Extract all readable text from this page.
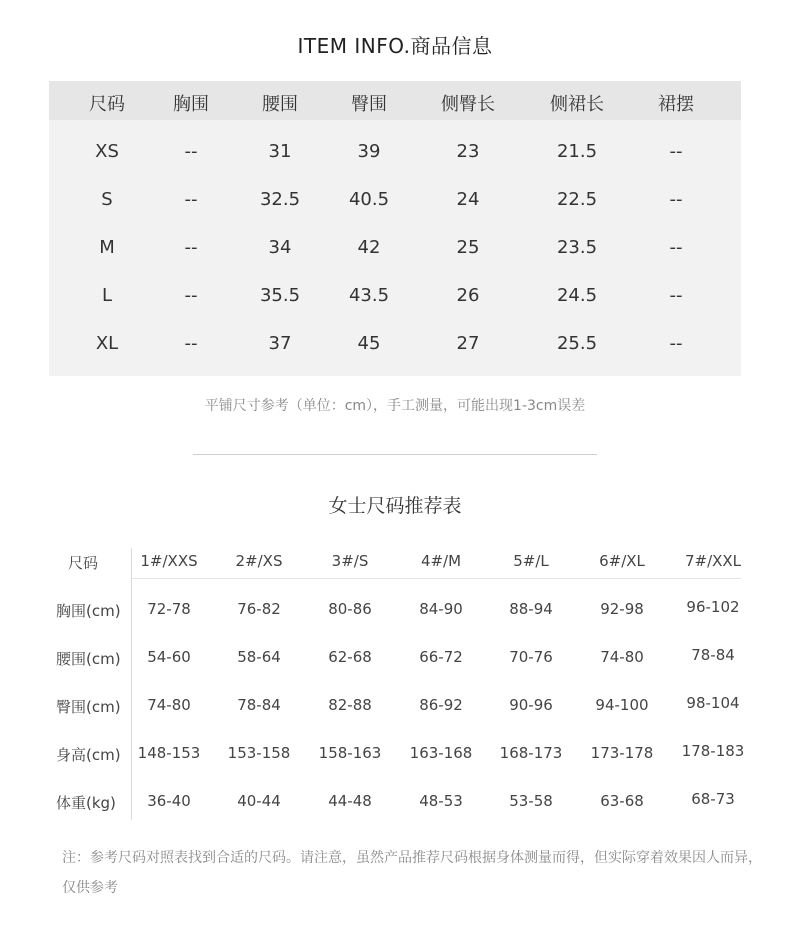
ITEM INFO.商品信息
尺码	胸围	腰围	臀围	侧臀长	侧裙长	裙摆
XS	--	31	39	23	21.5	--
S	--	32.5	40.5	24	22.5	--
M	--	34	42	25	23.5	--
L	--	35.5	43.5	26	24.5	--
XL	--	37	45	27	25.5	--
平铺尺寸参考（单位：cm），手工测量，可能出现1-3cm误差
女士尺码推荐表
尺码	1#/XXS	2#/XS	3#/S	4#/M	5#/L	6#/XL	7#/XXL
胸围(cm) 72-78	76-82	80-86	84-90	88-94	92-98	96-102
腰围(cm) 54-60	58-64	62-68	66-72	70-76	74-80	78-84
臀围(cm) 74-80	78-84	82-88	86-92	90-96	94-100	98-104
身高(cm) 148-153 153-158 158-163 163-168 168-173 173-178 178-183
体重(kg) 36-40	40-44	44-48	48-53	53-58	63-68	68-73
注：参考尺码对照表找到合适的尺码。请注意，虽然产品推荐尺码根据身体测量而得，但实际穿着效果因人而异，仅供参考
